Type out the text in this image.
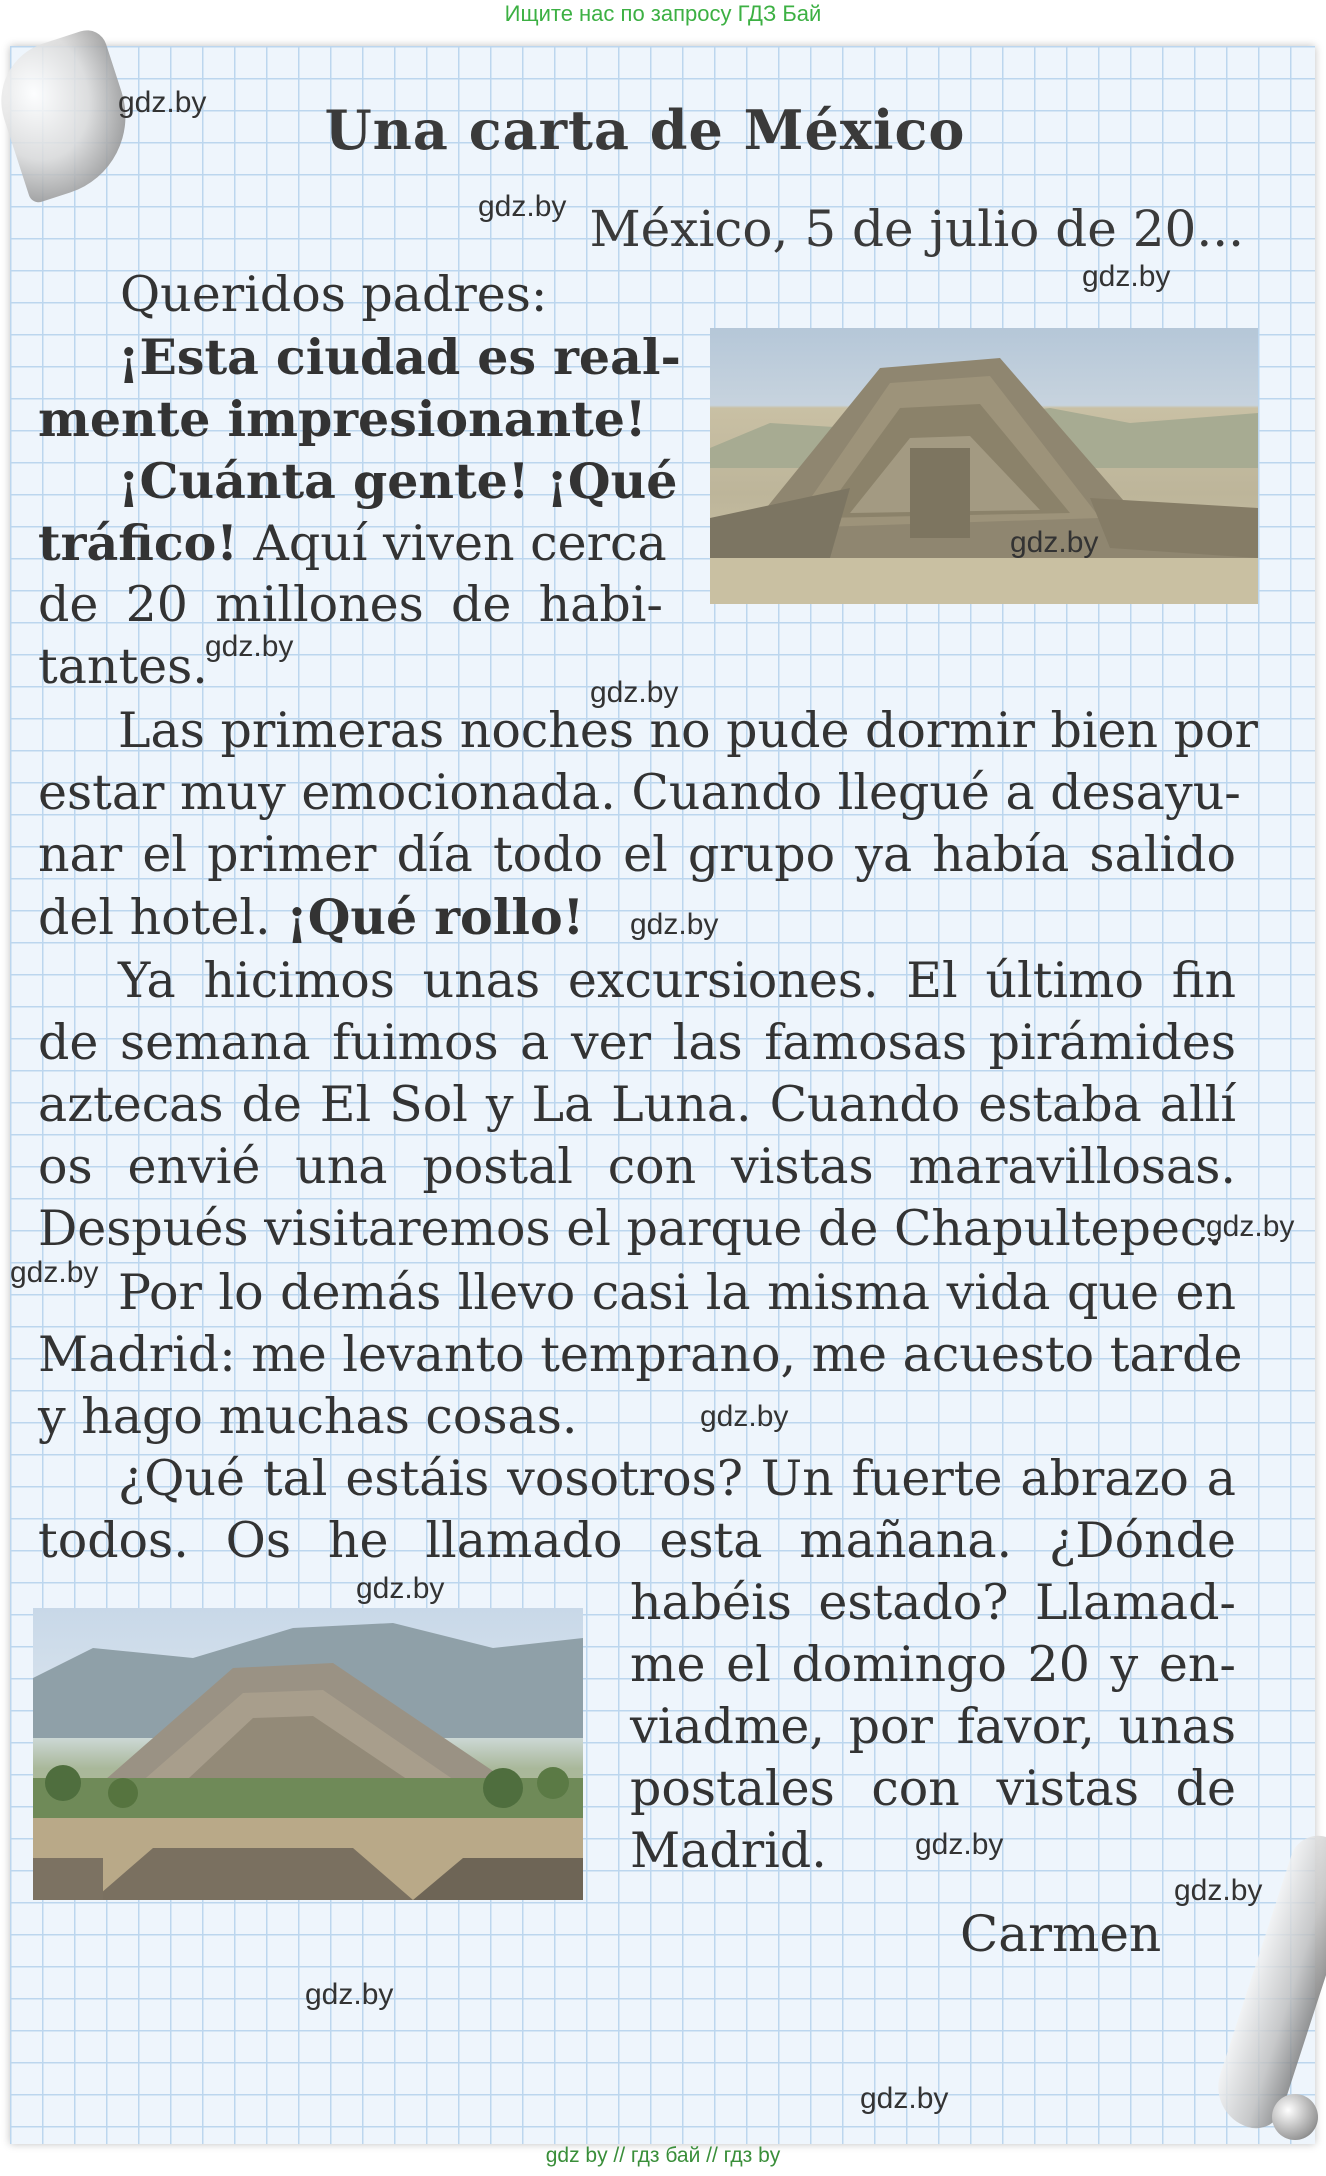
Ищите нас по запросу ГДЗ Бай
Una carta de México
México, 5 de julio de 20...
Queridos padres:
¡Esta ciudad es real-
mente impresionante!
¡Cuánta gente! ¡Qué
tráfico! Aquí viven cerca
de 20 millones de habi-
tantes.
Las primeras noches no pude dormir bien por
estar muy emocionada. Cuando llegué a desayu-
nar el primer día todo el grupo ya había salido
del hotel. ¡Qué rollo!
Ya hicimos unas excursiones. El último fin
de semana fuimos a ver las famosas pirámides
aztecas de El Sol y La Luna. Cuando estaba allí
os envié una postal con vistas maravillosas.
Después visitaremos el parque de Chapultepec.
Por lo demás llevo casi la misma vida que en
Madrid: me levanto temprano, me acuesto tarde
y hago muchas cosas.
¿Qué tal estáis vosotros? Un fuerte abrazo a
todos. Os he llamado esta mañana. ¿Dónde
habéis estado? Llamad-
me el domingo 20 y en-
viadme, por favor, unas
postales con vistas de
Madrid.
Carmen
gdz.by
gdz.by
gdz.by
gdz.by
gdz.by
gdz.by
gdz.by
gdz.by
gdz.by
gdz.by
gdz.by
gdz.by
gdz.by
gdz.by
gdz.by
gdz by // гдз бай // гдз by
